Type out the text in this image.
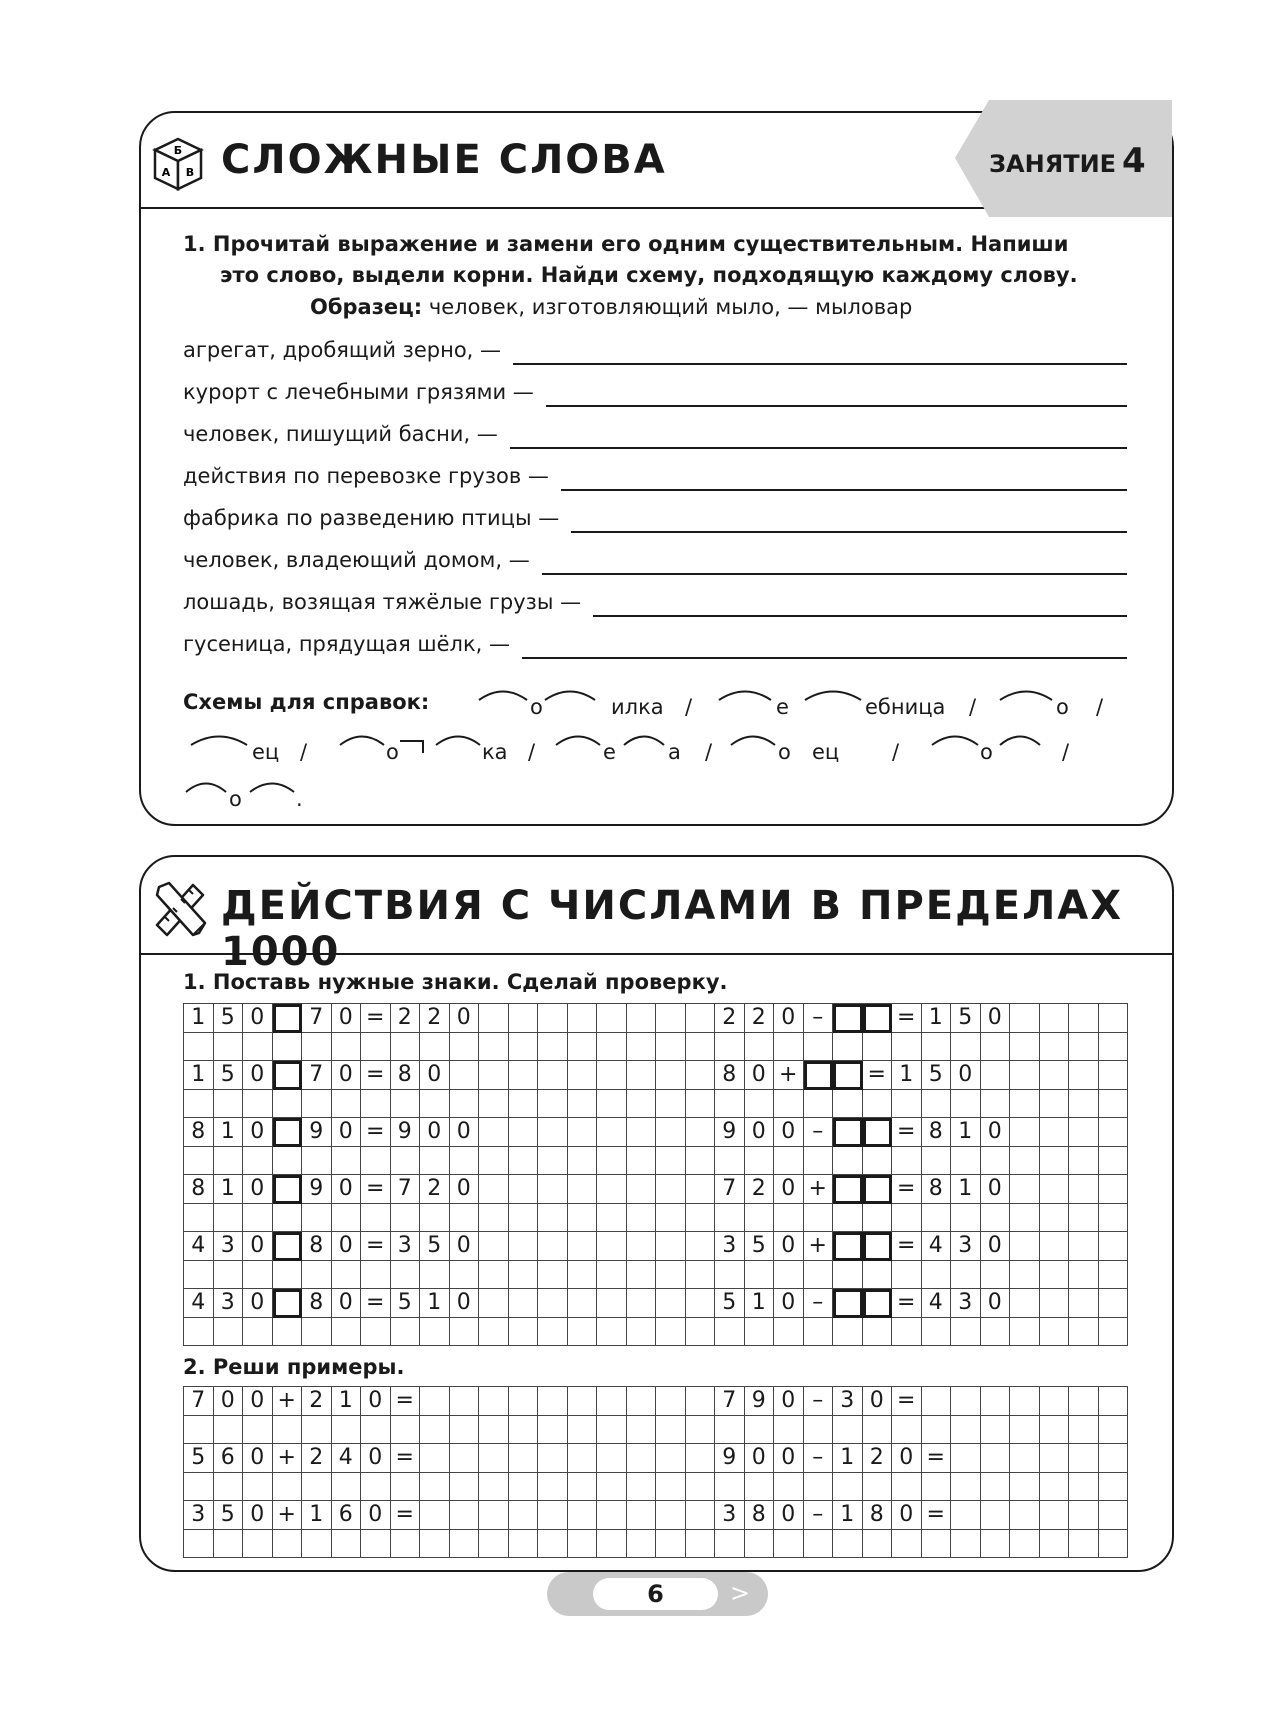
Б
А В СЛОЖНЫЕ СЛОВА	ЗАНЯТИЕ 4
1. Прочитай выражение и замени его одним существительным. Напиши
это слово, выдели корни. Найди схему, подходящую каждому слову.
Образец: человек, изготовляющий мыло, — мыловар
агрегат, дробящий зерно, —
курорт с лечебными грязями —
человек, пишущий басни, —
действия по перевозке грузов —
фабрика по разведению птицы —
человек, владеющий домом, —
лошадь, возящая тяжёлые грузы —
гусеница, прядущая шёлк, —
Схемы для справок:	о	илка /	е	ебница /	о /
ец /	о	ка /	е а /	о ец	/	о	/
о	.
ДЕЙСТВИЯ С ЧИСЛАМИ В ПРЕДЕЛАХ 1000
1. Поставь нужные знаки. Сделай проверку.
1 5 0	7 0 = 2 2 0	2 2 0 –	= 1 5 0
1 5 0	7 0 = 8 0	8 0 +	= 1 5 0
8 1 0	9 0 = 9 0 0	9 0 0 –	= 8 1 0
8 1 0	9 0 = 7 2 0	7 2 0 +	= 8 1 0
4 3 0	8 0 = 3 5 0	3 5 0 +	= 4 3 0
4 3 0	8 0 = 5 1 0	5 1 0 –	= 4 3 0
2. Реши примеры.
7 0 0 + 2 1 0 =	7 9 0 – 3 0 =
5 6 0 + 2 4 0 =	9 0 0 – 1 2 0 =
3 5 0 + 1 6 0 =	3 8 0 – 1 8 0 =
6	>
